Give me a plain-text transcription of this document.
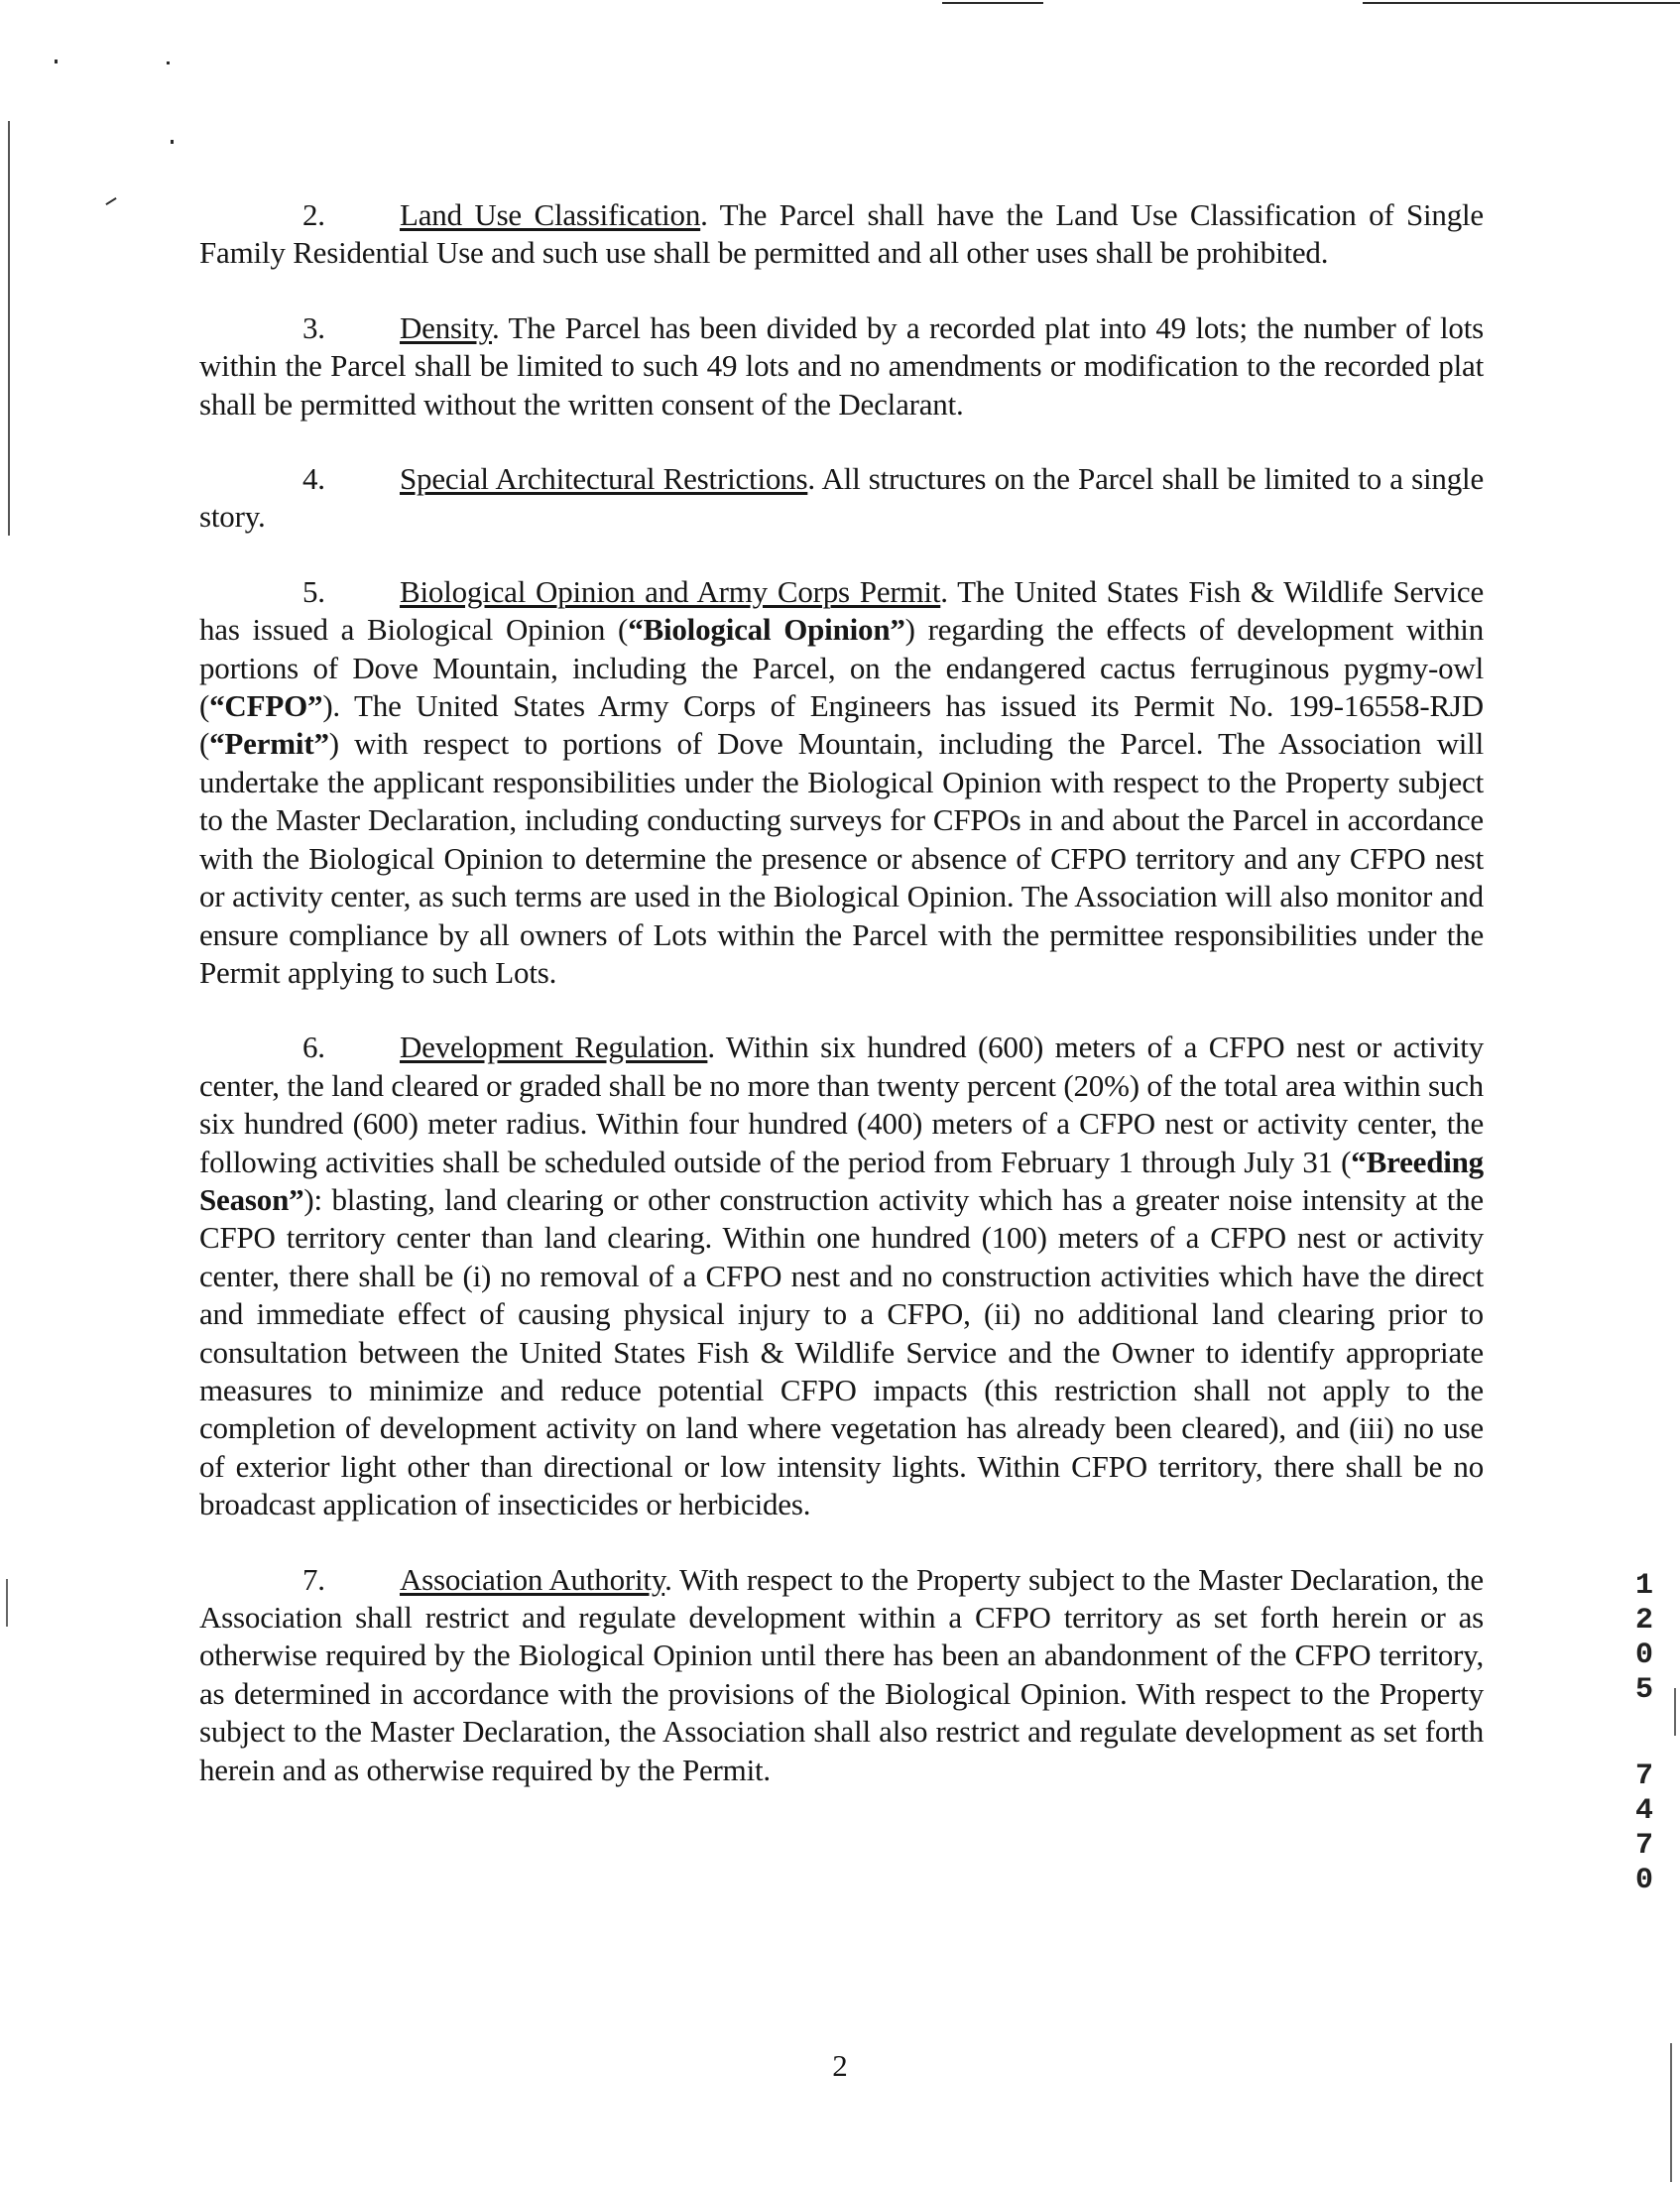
2. Land Use Classification. The Parcel shall have the Land Use Classification of Single Family Residential Use and such use shall be permitted and all other uses shall be prohibited.

3. Density. The Parcel has been divided by a recorded plat into 49 lots; the number of lots within the Parcel shall be limited to such 49 lots and no amendments or modification to the recorded plat shall be permitted without the written consent of the Declarant.

4. Special Architectural Restrictions. All structures on the Parcel shall be limited to a single story.

5. Biological Opinion and Army Corps Permit. The United States Fish & Wildlife Service has issued a Biological Opinion (“Biological Opinion”) regarding the effects of development within portions of Dove Mountain, including the Parcel, on the endangered cactus ferruginous pygmy-owl (“CFPO”). The United States Army Corps of Engineers has issued its Permit No. 199-16558-RJD (“Permit”) with respect to portions of Dove Mountain, including the Parcel. The Association will undertake the applicant responsibilities under the Biological Opinion with respect to the Property subject to the Master Declaration, including conducting surveys for CFPOs in and about the Parcel in accordance with the Biological Opinion to determine the presence or absence of CFPO territory and any CFPO nest or activity center, as such terms are used in the Biological Opinion. The Association will also monitor and ensure compliance by all owners of Lots within the Parcel with the permittee responsibilities under the Permit applying to such Lots.

6. Development Regulation. Within six hundred (600) meters of a CFPO nest or activity center, the land cleared or graded shall be no more than twenty percent (20%) of the total area within such six hundred (600) meter radius. Within four hundred (400) meters of a CFPO nest or activity center, the following activities shall be scheduled outside of the period from February 1 through July 31 (“Breeding Season”): blasting, land clearing or other construction activity which has a greater noise intensity at the CFPO territory center than land clearing. Within one hundred (100) meters of a CFPO nest or activity center, there shall be (i) no removal of a CFPO nest and no construction activities which have the direct and immediate effect of causing physical injury to a CFPO, (ii) no additional land clearing prior to consultation between the United States Fish & Wildlife Service and the Owner to identify appropriate measures to minimize and reduce potential CFPO impacts (this restriction shall not apply to the completion of development activity on land where vegetation has already been cleared), and (iii) no use of exterior light other than directional or low intensity lights. Within CFPO territory, there shall be no broadcast application of insecticides or herbicides.

7. Association Authority. With respect to the Property subject to the Master Declaration, the Association shall restrict and regulate development within a CFPO territory as set forth herein or as otherwise required by the Biological Opinion until there has been an abandonment of the CFPO territory, as determined in accordance with the provisions of the Biological Opinion. With respect to the Property subject to the Master Declaration, the Association shall also restrict and regulate development as set forth herein and as otherwise required by the Permit.

2
1
2
0
5
7
4
7
0
